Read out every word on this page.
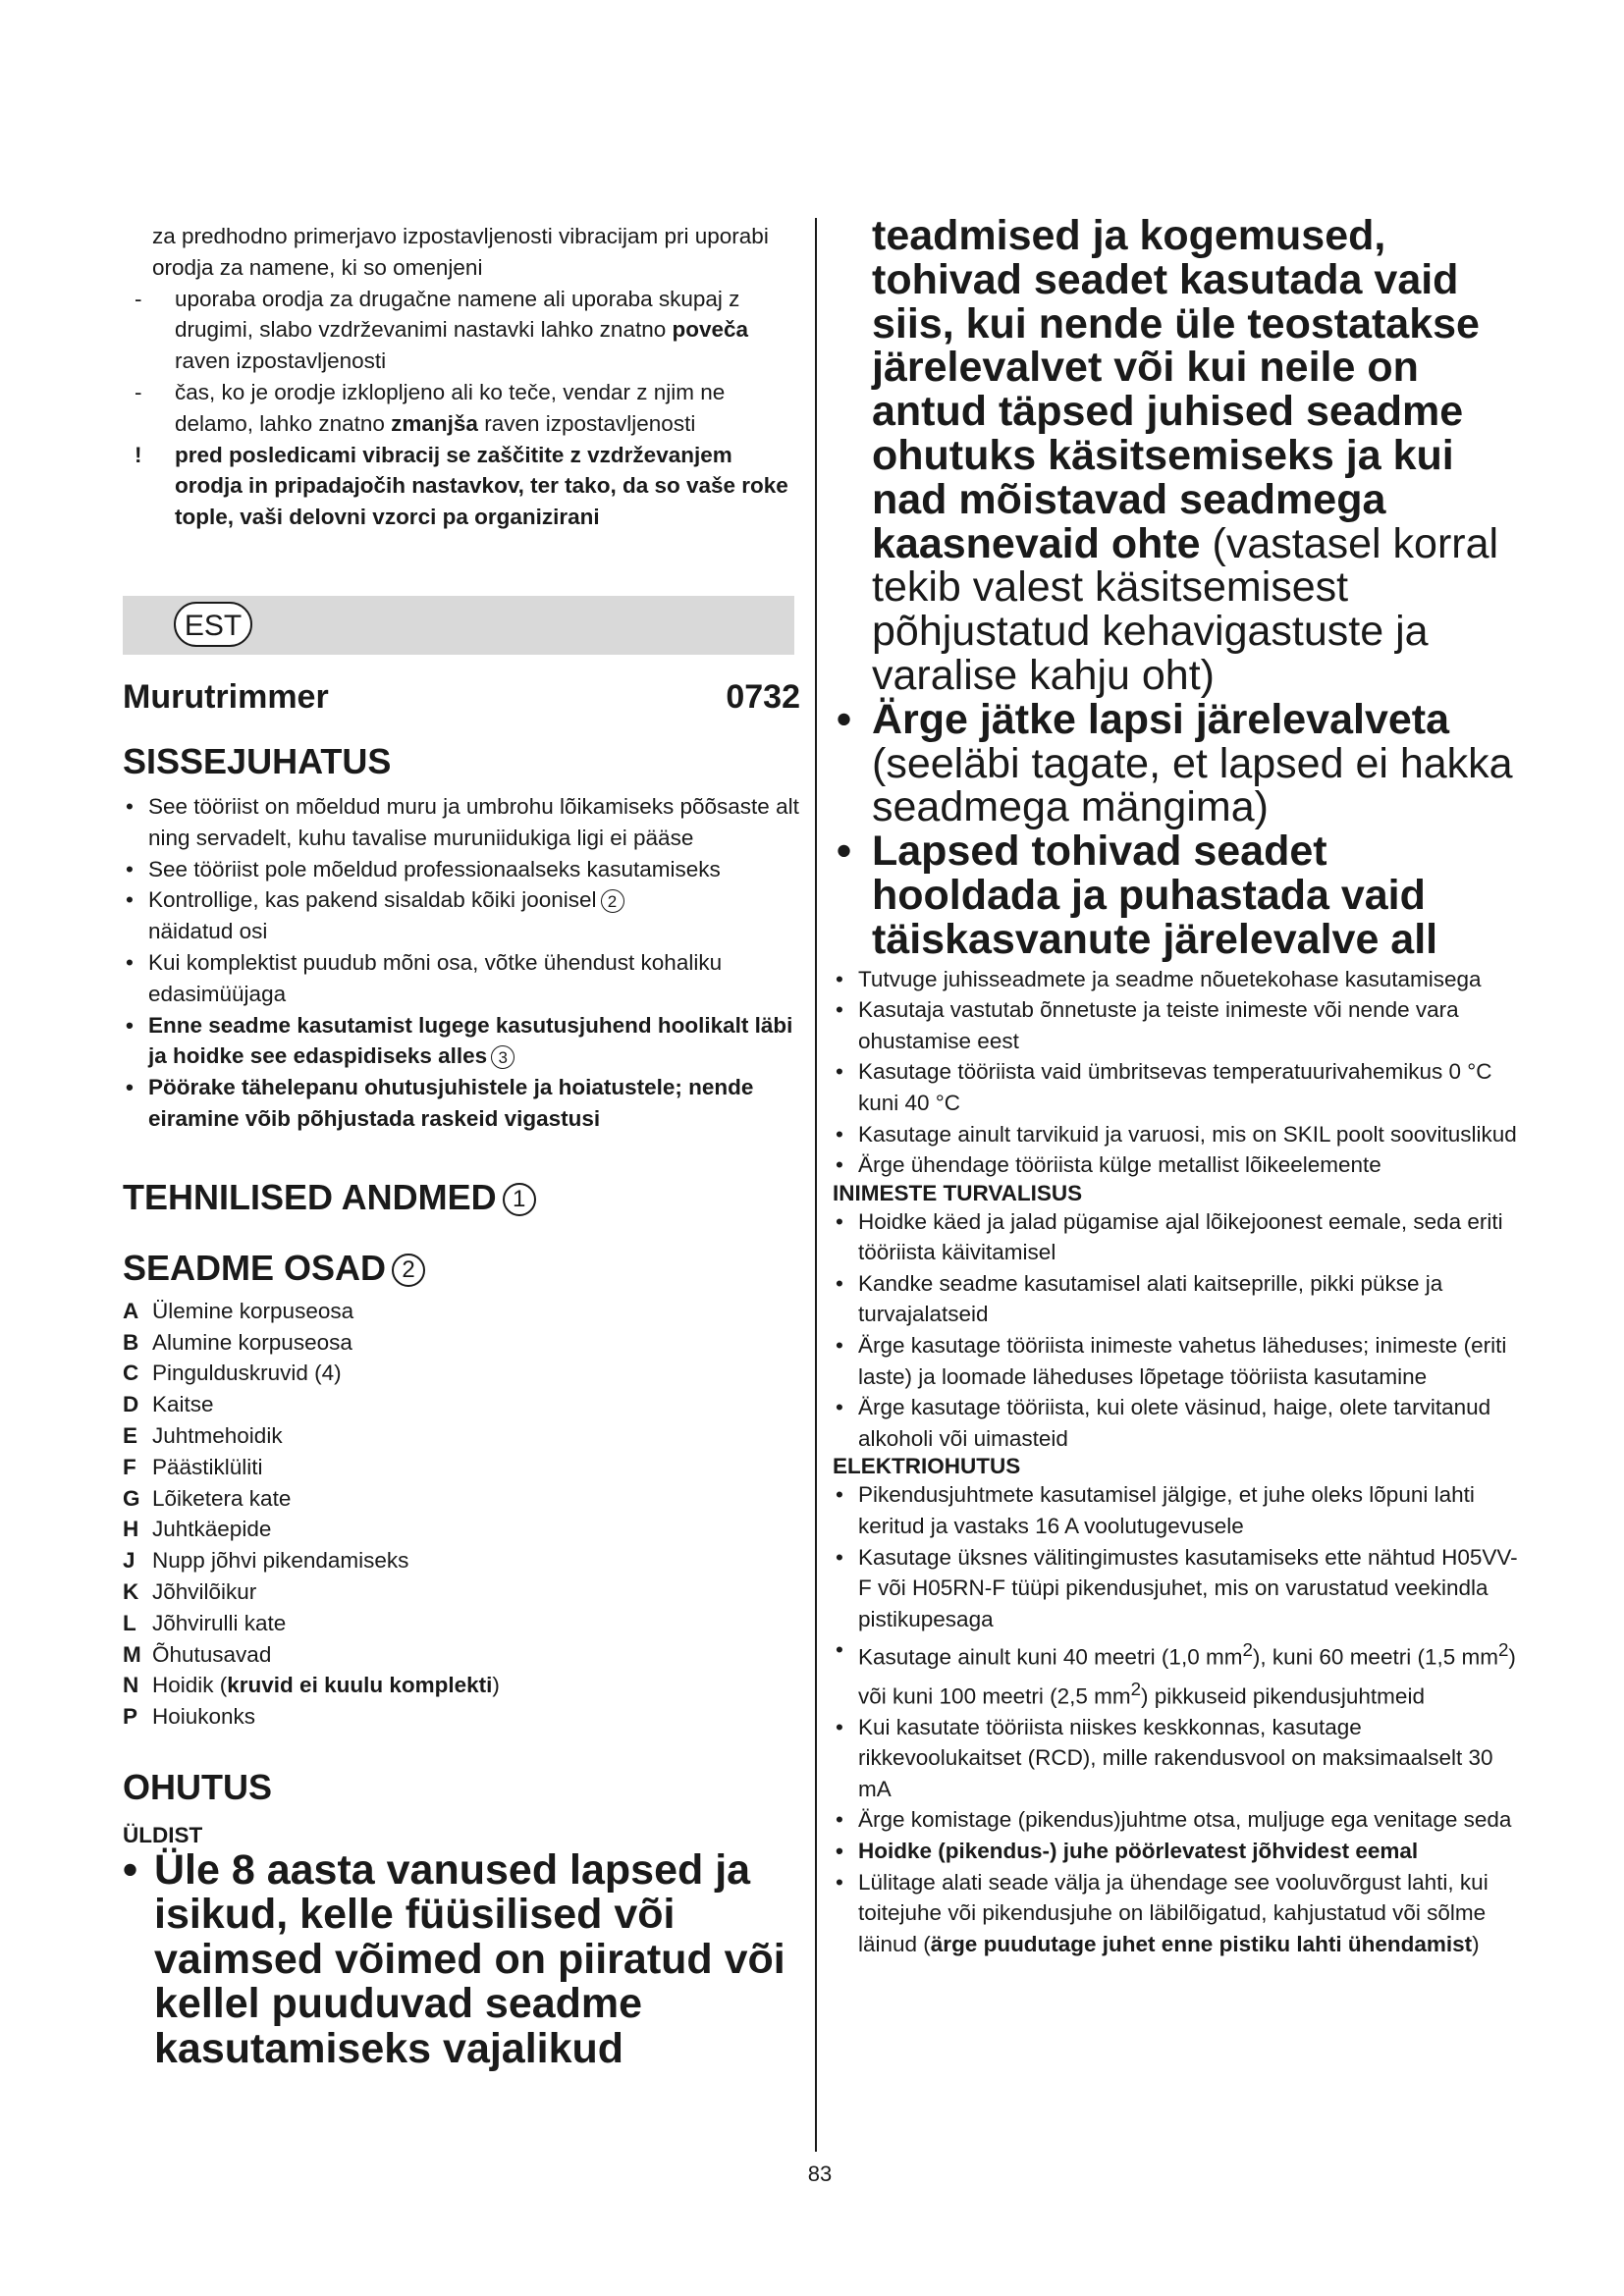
za predhodno primerjavo izpostavljenosti vibracijam pri uporabi orodja za namene, ki so omenjeni
- uporaba orodja za drugačne namene ali uporaba skupaj z drugimi, slabo vzdrževanimi nastavki lahko znatno poveča raven izpostavljenosti
- čas, ko je orodje izklopljeno ali ko teče, vendar z njim ne delamo, lahko znatno zmanjša raven izpostavljenosti
! pred posledicami vibracij se zaščitite z vzdrževanjem orodja in pripadajočih nastavkov, ter tako, da so vaše roke tople, vaši delovni vzorci pa organizirani
EST
Murutrimmer	0732
SISSEJUHATUS
• See tööriist on mõeldud muru ja umbrohu lõikamiseks põõsaste alt ning servadelt, kuhu tavalise muruniidukiga ligi ei pääse
• See tööriist pole mõeldud professionaalseks kasutamiseks
• Kontrollige, kas pakend sisaldab kõiki joonisel 2
näidatud osi
• Kui komplektist puudub mõni osa, võtke ühendust kohaliku edasimüüjaga
• Enne seadme kasutamist lugege kasutusjuhend hoolikalt läbi ja hoidke see edaspidiseks alles 3
• Pöörake tähelepanu ohutusjuhistele ja hoiatustele; nende eiramine võib põhjustada raskeid vigastusi
TEHNILISED ANDMED 1
SEADME OSAD 2
A Ülemine korpuseosa
B Alumine korpuseosa
C Pingulduskruvid (4)
D Kaitse
E Juhtmehoidik
F Päästiklüliti
G Lõiketera kate
H Juhtkäepide
J Nupp jõhvi pikendamiseks
K Jõhvilõikur
L Jõhvirulli kate
M Õhutusavad
N Hoidik (kruvid ei kuulu komplekti)
P Hoiukonks
OHUTUS
ÜLDIST
• Üle 8 aasta vanused lapsed ja isikud, kelle füüsilised või vaimsed võimed on piiratud või kellel puuduvad seadme kasutamiseks vajalikud
teadmised ja kogemused, tohivad seadet kasutada vaid siis, kui nende üle teostatakse järelevalvet või kui neile on antud täpsed juhised seadme ohutuks käsitsemiseks ja kui nad mõistavad seadmega kaasnevaid ohte (vastasel korral tekib valest käsitsemisest põhjustatud kehavigastuste ja varalise kahju oht)
• Ärge jätke lapsi järelevalveta (seeläbi tagate, et lapsed ei hakka seadmega mängima)
• Lapsed tohivad seadet hooldada ja puhastada vaid täiskasvanute järelevalve all
• Tutvuge juhisseadmete ja seadme nõuetekohase kasutamisega
• Kasutaja vastutab õnnetuste ja teiste inimeste või nende vara ohustamise eest
• Kasutage tööriista vaid ümbritsevas temperatuurivahemikus 0 °C kuni 40 °C
• Kasutage ainult tarvikuid ja varuosi, mis on SKIL poolt soovituslikud
• Ärge ühendage tööriista külge metallist lõikeelemente
INIMESTE TURVALISUS
• Hoidke käed ja jalad pügamise ajal lõikejoonest eemale, seda eriti tööriista käivitamisel
• Kandke seadme kasutamisel alati kaitseprille, pikki pükse ja turvajalatseid
• Ärge kasutage tööriista inimeste vahetus läheduses; inimeste (eriti laste) ja loomade läheduses lõpetage tööriista kasutamine
• Ärge kasutage tööriista, kui olete väsinud, haige, olete tarvitanud alkoholi või uimasteid
ELEKTRIOHUTUS
• Pikendusjuhtmete kasutamisel jälgige, et juhe oleks lõpuni lahti keritud ja vastaks 16 A voolutugevusele
• Kasutage üksnes välitingimustes kasutamiseks ette nähtud H05VV-F või H05RN-F tüüpi pikendusjuhet, mis on varustatud veekindla pistikupesaga
• Kasutage ainult kuni 40 meetri (1,0 $mm^2$), kuni 60 meetri (1,5 $mm^2$) või kuni 100 meetri (2,5 $mm^2$) pikkuseid pikendusjuhtmeid
• Kui kasutate tööriista niiskes keskkonnas, kasutage rikkevoolukaitset (RCD), mille rakendusvool on maksimaalselt 30 mA
• Ärge komistage (pikendus)juhtme otsa, muljuge ega venitage seda
• Hoidke (pikendus-) juhe pöörlevatest jõhvidest eemal
• Lülitage alati seade välja ja ühendage see vooluvõrgust lahti, kui toitejuhe või pikendusjuhe on läbilõigatud, kahjustatud või sõlme läinud (ärge puudutage juhet enne pistiku lahti ühendamist)
83
